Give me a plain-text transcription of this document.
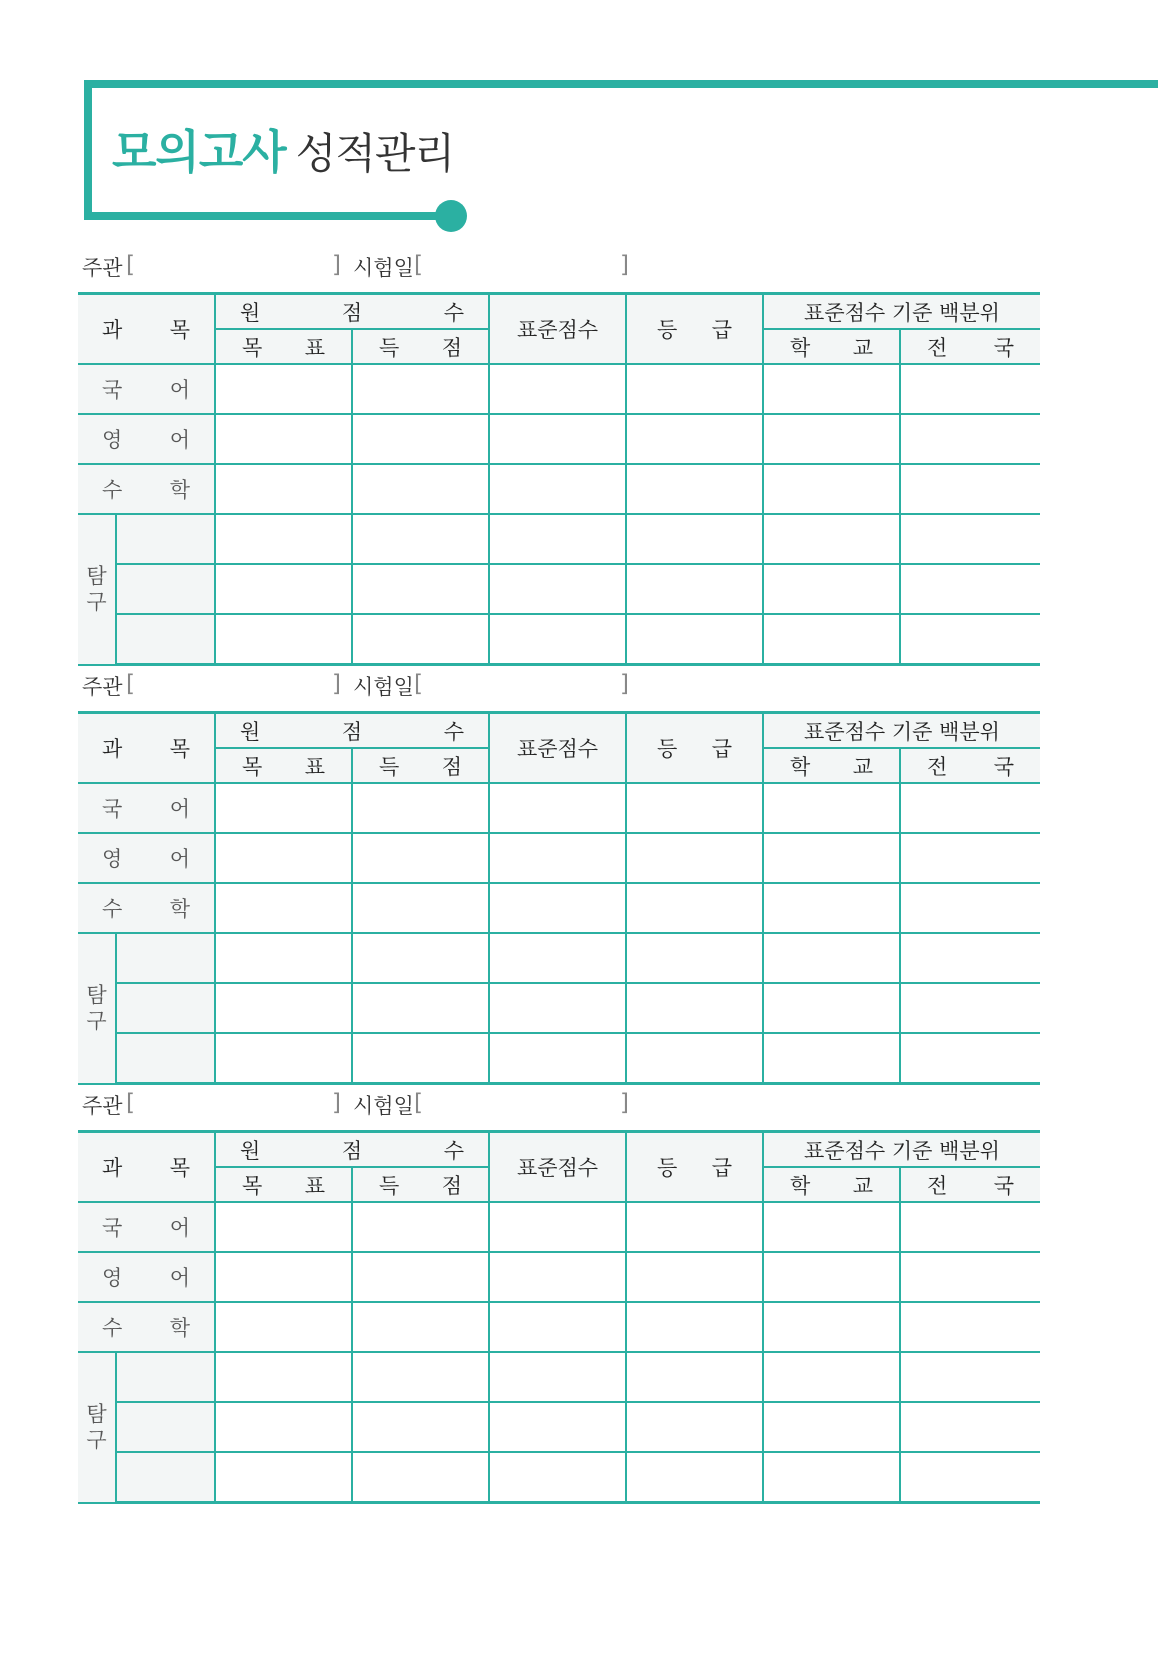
모의고사 성적관리
주관 [	] 시험일 [	]
과 목		원 점 수		표준점수	등 급	표준점수 기준 백분위	

		목 표	득 점			학 교	전 국

국 어							

영 어							

수 학							

탐
구							

주관 [	] 시험일 [	]
과 목		원 점 수		표준점수	등 급	표준점수 기준 백분위	

		목 표	득 점			학 교	전 국

국 어							

영 어							

수 학							

탐
구							

주관 [	] 시험일 [	]
과 목		원 점 수		표준점수	등 급	표준점수 기준 백분위	

		목 표	득 점			학 교	전 국

국 어							

영 어							

수 학							

탐
구							
